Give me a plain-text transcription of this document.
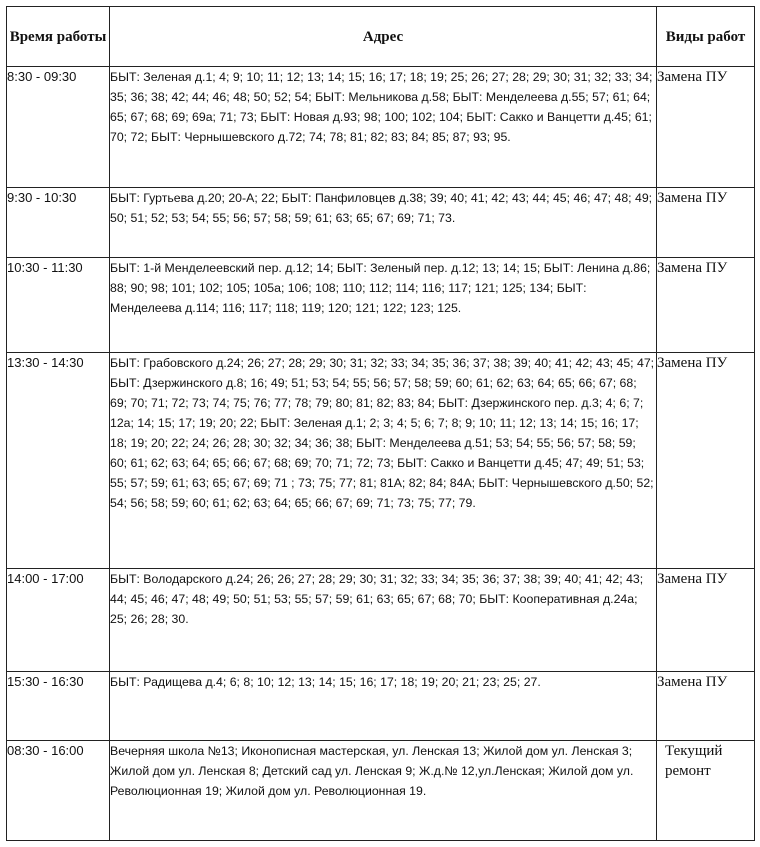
Время работы	Адрес	Виды работ
8:30 - 09:30	БЫТ: Зеленая д.1; 4; 9; 10; 11; 12; 13; 14; 15; 16; 17; 18; 19; 25; 26; 27; 28; 29; 30; 31; 32; 33; 34; 35; 36; 38; 42; 44; 46; 48; 50; 52; 54; БЫТ: Мельникова д.58; БЫТ: Менделеева д.55; 57; 61; 64; 65; 67; 68; 69; 69а; 71; 73; БЫТ: Новая д.93; 98; 100; 102; 104; БЫТ: Сакко и Ванцетти д.45; 61; 70; 72; БЫТ: Чернышевского д.72; 74; 78; 81; 82; 83; 84; 85; 87; 93; 95.	Замена ПУ
9:30 - 10:30	БЫТ: Гуртьева д.20; 20-А; 22; БЫТ: Панфиловцев д.38; 39; 40; 41; 42; 43; 44; 45; 46; 47; 48; 49; 50; 51; 52; 53; 54; 55; 56; 57; 58; 59; 61; 63; 65; 67; 69; 71; 73.	Замена ПУ
10:30 - 11:30	БЫТ: 1-й Менделеевский пер. д.12; 14; БЫТ: Зеленый пер. д.12; 13; 14; 15; БЫТ: Ленина д.86; 88; 90; 98; 101; 102; 105; 105а; 106; 108; 110; 112; 114; 116; 117; 121; 125; 134; БЫТ: Менделеева д.114; 116; 117; 118; 119; 120; 121; 122; 123; 125.	Замена ПУ
13:30 - 14:30	БЫТ: Грабовского д.24; 26; 27; 28; 29; 30; 31; 32; 33; 34; 35; 36; 37; 38; 39; 40; 41; 42; 43; 45; 47; БЫТ: Дзержинского д.8; 16; 49; 51; 53; 54; 55; 56; 57; 58; 59; 60; 61; 62; 63; 64; 65; 66; 67; 68; 69; 70; 71; 72; 73; 74; 75; 76; 77; 78; 79; 80; 81; 82; 83; 84; БЫТ: Дзержинского пер. д.3; 4; 6; 7; 12а; 14; 15; 17; 19; 20; 22; БЫТ: Зеленая д.1; 2; 3; 4; 5; 6; 7; 8; 9; 10; 11; 12; 13; 14; 15; 16; 17; 18; 19; 20; 22; 24; 26; 28; 30; 32; 34; 36; 38; БЫТ: Менделеева д.51; 53; 54; 55; 56; 57; 58; 59; 60; 61; 62; 63; 64; 65; 66; 67; 68; 69; 70; 71; 72; 73; БЫТ: Сакко и Ванцетти д.45; 47; 49; 51; 53; 55; 57; 59; 61; 63; 65; 67; 69; 71 ; 73; 75; 77; 81; 81А; 82; 84; 84А; БЫТ: Чернышевского д.50; 52; 54; 56; 58; 59; 60; 61; 62; 63; 64; 65; 66; 67; 69; 71; 73; 75; 77; 79.	Замена ПУ
14:00 - 17:00	БЫТ: Володарского д.24; 26; 26; 27; 28; 29; 30; 31; 32; 33; 34; 35; 36; 37; 38; 39; 40; 41; 42; 43; 44; 45; 46; 47; 48; 49; 50; 51; 53; 55; 57; 59; 61; 63; 65; 67; 68; 70; БЫТ: Кооперативная д.24а; 25; 26; 28; 30.	Замена ПУ
15:30 - 16:30	БЫТ: Радищева д.4; 6; 8; 10; 12; 13; 14; 15; 16; 17; 18; 19; 20; 21; 23; 25; 27.	Замена ПУ
08:30 - 16:00	Вечерняя школа №13; Иконописная мастерская, ул. Ленская 13; Жилой дом ул. Ленская 3; Жилой дом ул. Ленская 8; Детский сад ул. Ленская 9; Ж.д.№ 12,ул.Ленская; Жилой дом ул. Революционная 19; Жилой дом ул. Революционная 19.	Текущий ремонт
